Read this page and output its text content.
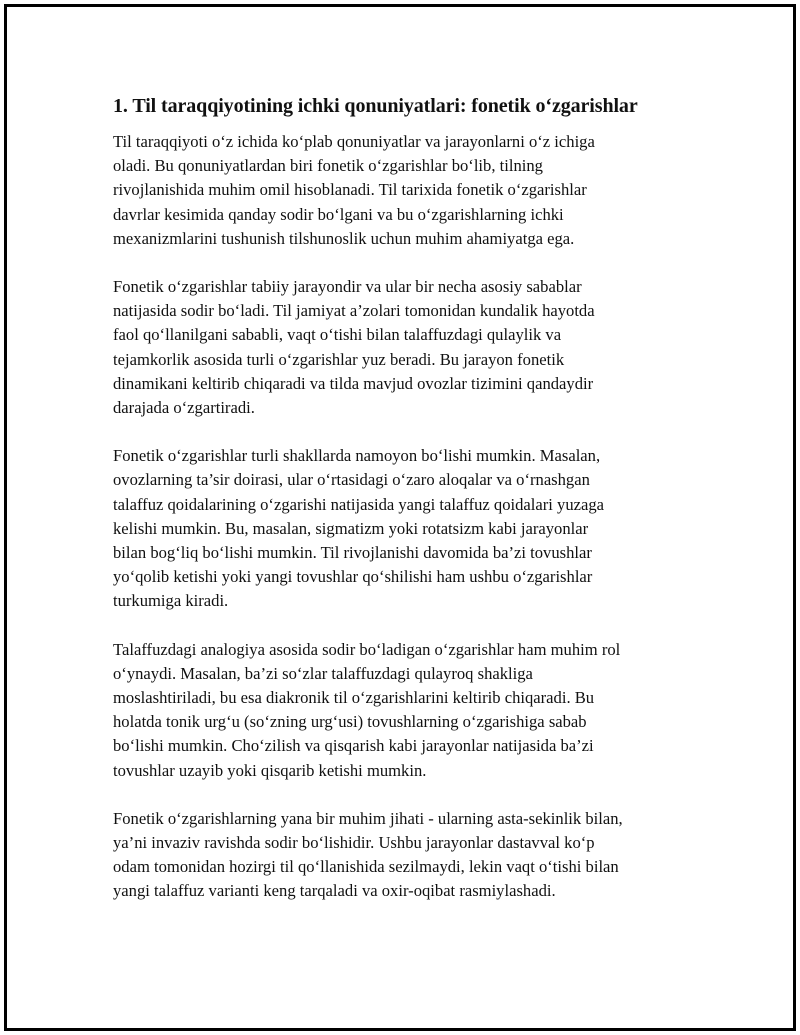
1. Til taraqqiyotining ichki qonuniyatlari: fonetik o‘zgarishlar
Til taraqqiyoti o‘z ichida ko‘plab qonuniyatlar va jarayonlarni o‘z ichiga
oladi. Bu qonuniyatlardan biri fonetik o‘zgarishlar bo‘lib, tilning
rivojlanishida muhim omil hisoblanadi. Til tarixida fonetik o‘zgarishlar
davrlar kesimida qanday sodir bo‘lgani va bu o‘zgarishlarning ichki
mexanizmlarini tushunish tilshunoslik uchun muhim ahamiyatga ega.
Fonetik o‘zgarishlar tabiiy jarayondir va ular bir necha asosiy sabablar
natijasida sodir bo‘ladi. Til jamiyat a’zolari tomonidan kundalik hayotda
faol qo‘llanilgani sababli, vaqt o‘tishi bilan talaffuzdagi qulaylik va
tejamkorlik asosida turli o‘zgarishlar yuz beradi. Bu jarayon fonetik
dinamikani keltirib chiqaradi va tilda mavjud ovozlar tizimini qandaydir
darajada o‘zgartiradi.
Fonetik o‘zgarishlar turli shakllarda namoyon bo‘lishi mumkin. Masalan,
ovozlarning ta’sir doirasi, ular o‘rtasidagi o‘zaro aloqalar va o‘rnashgan
talaffuz qoidalarining o‘zgarishi natijasida yangi talaffuz qoidalari yuzaga
kelishi mumkin. Bu, masalan, sigmatizm yoki rotatsizm kabi jarayonlar
bilan bog‘liq bo‘lishi mumkin. Til rivojlanishi davomida ba’zi tovushlar
yo‘qolib ketishi yoki yangi tovushlar qo‘shilishi ham ushbu o‘zgarishlar
turkumiga kiradi.
Talaffuzdagi analogiya asosida sodir bo‘ladigan o‘zgarishlar ham muhim rol
o‘ynaydi. Masalan, ba’zi so‘zlar talaffuzdagi qulayroq shakliga
moslashtiriladi, bu esa diakronik til o‘zgarishlarini keltirib chiqaradi. Bu
holatda tonik urg‘u (so‘zning urg‘usi) tovushlarning o‘zgarishiga sabab
bo‘lishi mumkin. Cho‘zilish va qisqarish kabi jarayonlar natijasida ba’zi
tovushlar uzayib yoki qisqarib ketishi mumkin.
Fonetik o‘zgarishlarning yana bir muhim jihati - ularning asta-sekinlik bilan,
ya’ni invaziv ravishda sodir bo‘lishidir. Ushbu jarayonlar dastavval ko‘p
odam tomonidan hozirgi til qo‘llanishida sezilmaydi, lekin vaqt o‘tishi bilan
yangi talaffuz varianti keng tarqaladi va oxir-oqibat rasmiylashadi.
